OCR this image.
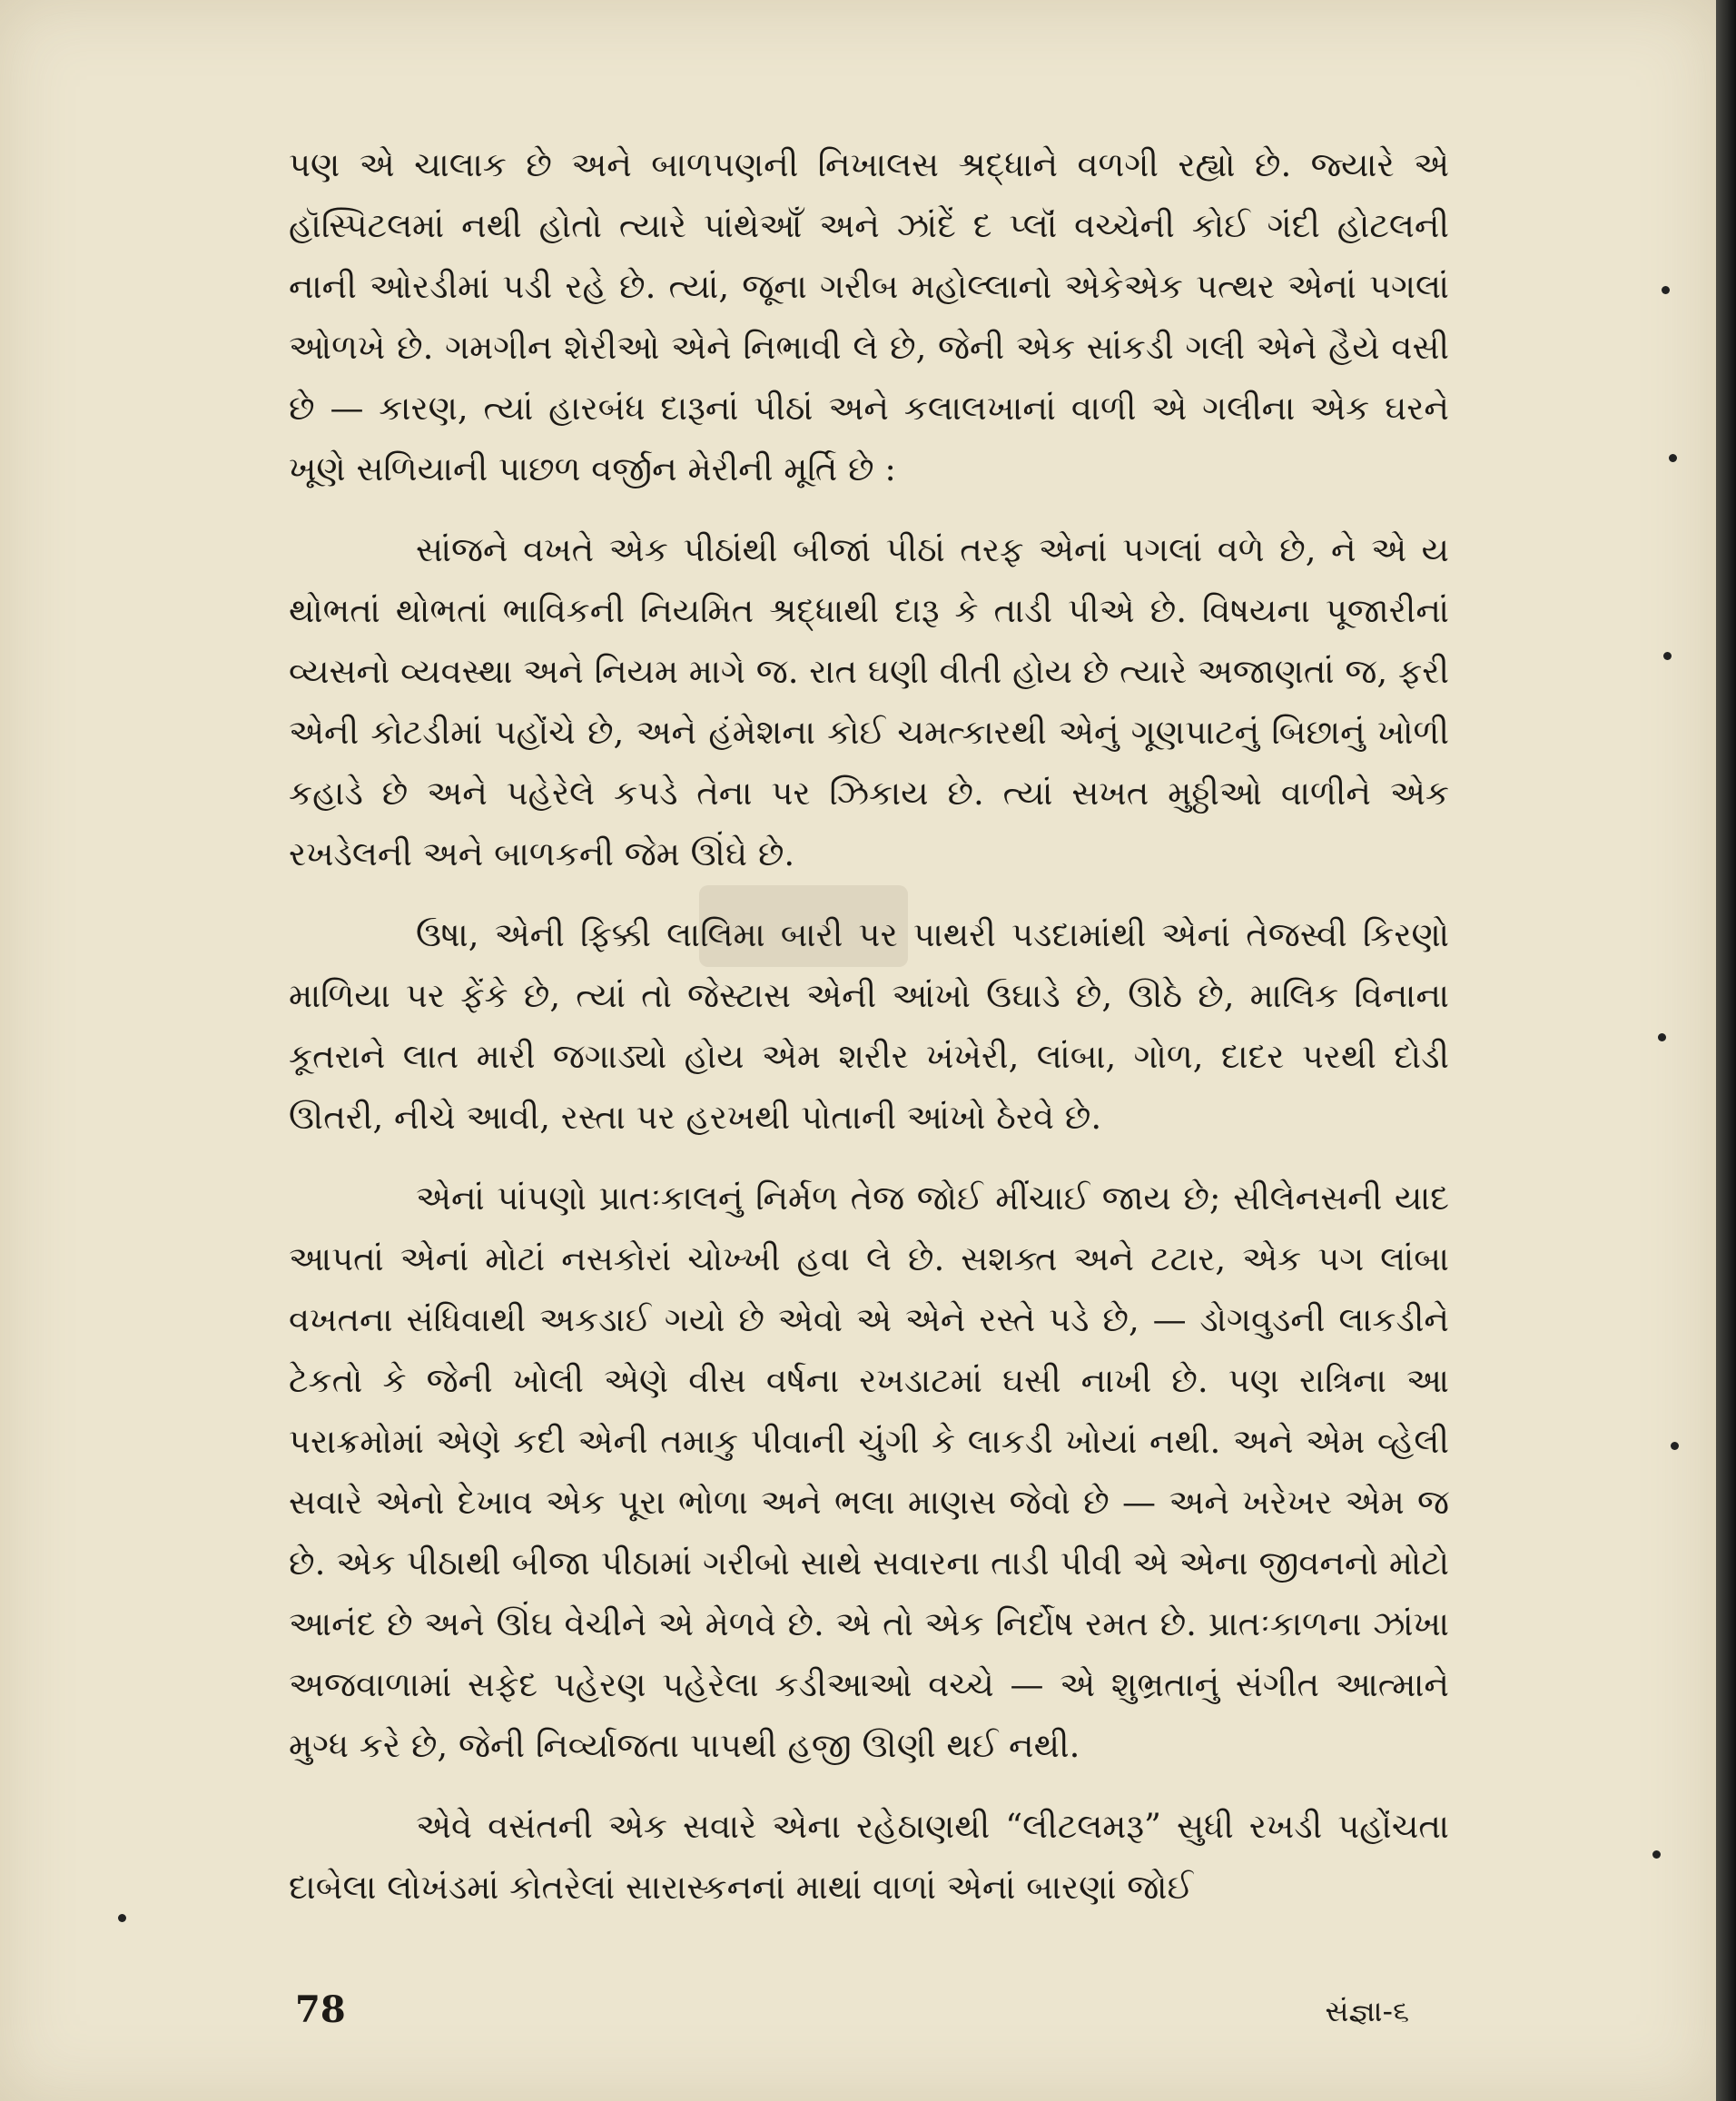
પણ એ ચાલાક છે અને બાળપણની નિખાલસ શ્રદ્ધાને વળગી રહ્યો છે. જ્યારે એ હૉસ્પિટલમાં નથી હોતો ત્યારે પાંથેઆઁ અને ઝાંદેં દ પ્લૉં વચ્ચેની કોઈ ગંદી હોટલની નાની ઓરડીમાં પડી રહે છે. ત્યાં, જૂના ગરીબ મહોલ્લાનો એકેએક પત્થર એનાં પગલાં ઓળખે છે. ગમગીન શેરીઓ એને નિભાવી લે છે, જેની એક સાંકડી ગલી એને હૈયે વસી છે — કારણ, ત્યાં હારબંધ દારૂનાં પીઠાં અને કલાલખાનાં વાળી એ ગલીના એક ઘરને ખૂણે સળિયાની પાછળ વર્જીન મેરીની મૂર્તિ છે :

સાંજને વખતે એક પીઠાંથી બીજાં પીઠાં તરફ એનાં પગલાં વળે છે, ને એ ય થોભતાં થોભતાં ભાવિકની નિયમિત શ્રદ્ધાથી દારૂ કે તાડી પીએ છે. વિષયના પૂજારીનાં વ્યસનો વ્યવસ્થા અને નિયમ માગે જ. રાત ઘણી વીતી હોય છે ત્યારે અજાણતાં જ, ફરી એની કોટડીમાં પહોંચે છે, અને હંમેશના કોઈ ચમત્કારથી એનું ગૂણપાટનું બિછાનું ખોળી કહાડે છે અને પહેરેલે કપડે તેના પર ઝિકાય છે. ત્યાં સખત મુઠ્ઠીઓ વાળીને એક રખડેલની અને બાળકની જેમ ઊંઘે છે.

ઉષા, એની ફિક્કી લાલિમા બારી પર પાથરી પડદામાંથી એનાં તેજસ્વી કિરણો માળિયા પર ફેંકે છે, ત્યાં તો જેસ્ટાસ એની આંખો ઉઘાડે છે, ઊઠે છે, માલિક વિનાના કૂતરાને લાત મારી જગાડ્યો હોય એમ શરીર ખંખેરી, લાંબા, ગોળ, દાદર પરથી દોડી ઊતરી, નીચે આવી, રસ્તા પર હરખથી પોતાની આંખો ઠેરવે છે.

એનાં પાંપણો પ્રાતઃકાલનું નિર્મળ તેજ જોઈ મીંચાઈ જાય છે; સીલેનસની યાદ આપતાં એનાં મોટાં નસકોરાં ચોખ્ખી હવા લે છે. સશક્ત અને ટટાર, એક પગ લાંબા વખતના સંધિવાથી અકડાઈ ગયો છે એવો એ એને રસ્તે પડે છે, — ડોગવુડની લાકડીને ટેકતો કે જેની ખોલી એણે વીસ વર્ષના રખડાટમાં ઘસી નાખી છે. પણ રાત્રિના આ પરાક્રમોમાં એણે કદી એની તમાકુ પીવાની ચુંગી કે લાકડી ખોયાં નથી. અને એમ વ્હેલી સવારે એનો દેખાવ એક પૂરા ભોળા અને ભલા માણસ જેવો છે — અને ખરેખર એમ જ છે. એક પીઠાથી બીજા પીઠામાં ગરીબો સાથે સવારના તાડી પીવી એ એના જીવનનો મોટો આનંદ છે અને ઊંઘ વેચીને એ મેળવે છે. એ તો એક નિર્દોષ રમત છે. પ્રાતઃકાળના ઝાંખા અજવાળામાં સફેદ પહેરણ પહેરેલા કડીઆઓ વચ્ચે — એ શુભ્રતાનું સંગીત આત્માને મુગ્ધ કરે છે, જેની નિર્વ્યાજતા પાપથી હજી ઊણી થઈ નથી.

એવે વસંતની એક સવારે એના રહેઠાણથી “લીટલમરૂ” સુધી રખડી પહોંચતા દાબેલા લોખંડમાં કોતરેલાં સારાસ્કનનાં માથાં વાળાં એનાં બારણાં જોઈ

78	સંજ્ઞા-૬
